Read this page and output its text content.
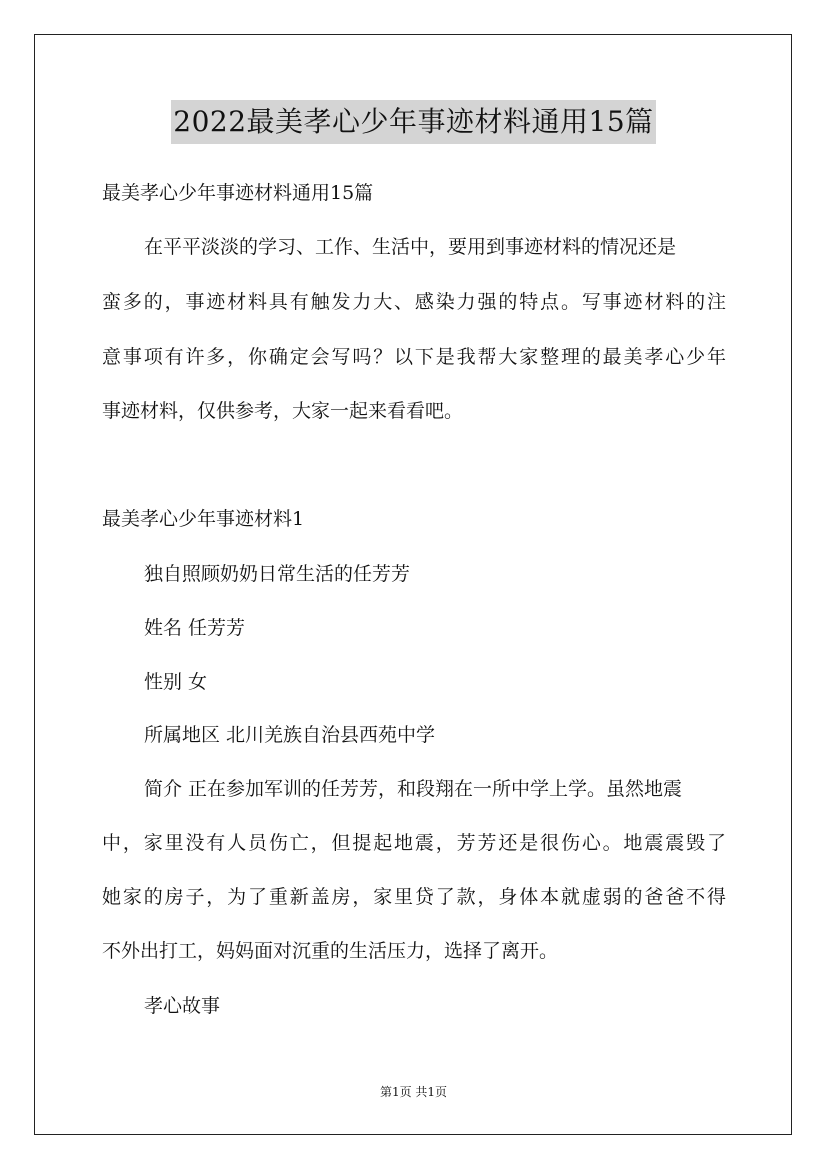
2022最美孝心少年事迹材料通用15篇
最美孝心少年事迹材料通用15篇
在平平淡淡的学习、工作、生活中，要用到事迹材料的情况还是
蛮多的，事迹材料具有触发力大、感染力强的特点。写事迹材料的注
意事项有许多，你确定会写吗？以下是我帮大家整理的最美孝心少年
事迹材料，仅供参考，大家一起来看看吧。
最美孝心少年事迹材料1
独自照顾奶奶日常生活的任芳芳
姓名 任芳芳
性别 女
所属地区 北川羌族自治县西苑中学
简介 正在参加军训的任芳芳，和段翔在一所中学上学。虽然地震
中，家里没有人员伤亡，但提起地震，芳芳还是很伤心。地震震毁了
她家的房子，为了重新盖房，家里贷了款，身体本就虚弱的爸爸不得
不外出打工，妈妈面对沉重的生活压力，选择了离开。
孝心故事
第1页 共1页
